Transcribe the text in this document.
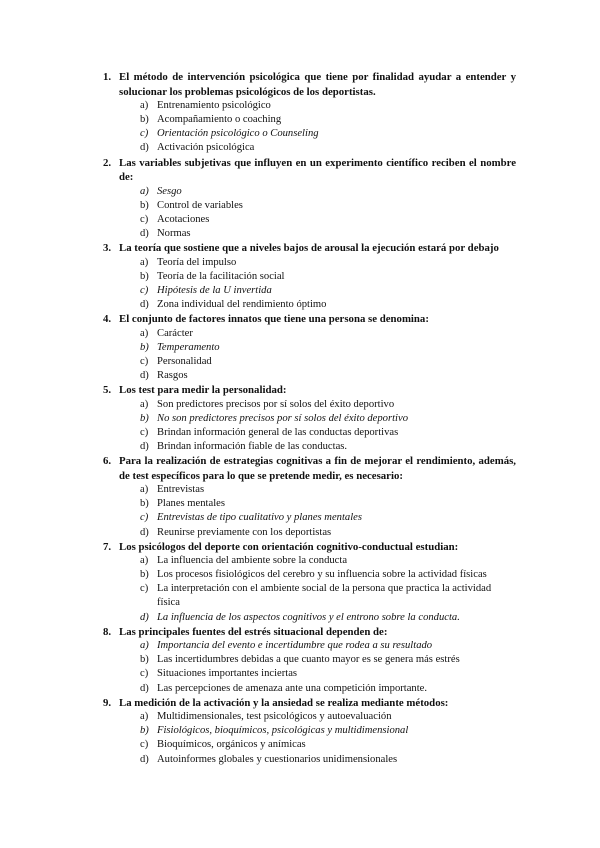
1. El método de intervención psicológica que tiene por finalidad ayudar a entender y solucionar los problemas psicológicos de los deportistas.
a) Entrenamiento psicológico
b) Acompañamiento o coaching
c) Orientación psicológico o Counseling
d) Activación psicológica
2. Las variables subjetivas que influyen en un experimento científico reciben el nombre de:
a) Sesgo
b) Control de variables
c) Acotaciones
d) Normas
3. La teoría que sostiene que a niveles bajos de arousal la ejecución estará por debajo
a) Teoría del impulso
b) Teoría de la facilitación social
c) Hipótesis de la U invertida
d) Zona individual del rendimiento óptimo
4. El conjunto de factores innatos que tiene una persona se denomina:
a) Carácter
b) Temperamento
c) Personalidad
d) Rasgos
5. Los test para medir la personalidad:
a) Son predictores precisos por sí solos del éxito deportivo
b) No son predictores precisos por sí solos del éxito deportivo
c) Brindan información general de las conductas deportivas
d) Brindan información fiable de las conductas.
6. Para la realización de estrategias cognitivas a fin de mejorar el rendimiento, además, de test específicos para lo que se pretende medir, es necesario:
a) Entrevistas
b) Planes mentales
c) Entrevistas de tipo cualitativo y planes mentales
d) Reunirse previamente con los deportistas
7. Los psicólogos del deporte con orientación cognitivo-conductual estudian:
a) La influencia del ambiente sobre la conducta
b) Los procesos fisiológicos del cerebro y su influencia sobre la actividad físicas
c) La interpretación con el ambiente social de la persona que practica la actividad física
d) La influencia de los aspectos cognitivos y el entrono sobre la conducta.
8. Las principales fuentes del estrés situacional dependen de:
a) Importancia del evento e incertidumbre que rodea a su resultado
b) Las incertidumbres debidas a que cuanto mayor es se genera más estrés
c) Situaciones importantes inciertas
d) Las percepciones de amenaza ante una competición importante.
9. La medición de la activación y la ansiedad se realiza mediante métodos:
a) Multidimensionales, test psicológicos y autoevaluación
b) Fisiológicos, bioquímicos, psicológicas y multidimensional
c) Bioquímicos, orgánicos y anímicas
d) Autoinformes globales y cuestionarios unidimensionales
